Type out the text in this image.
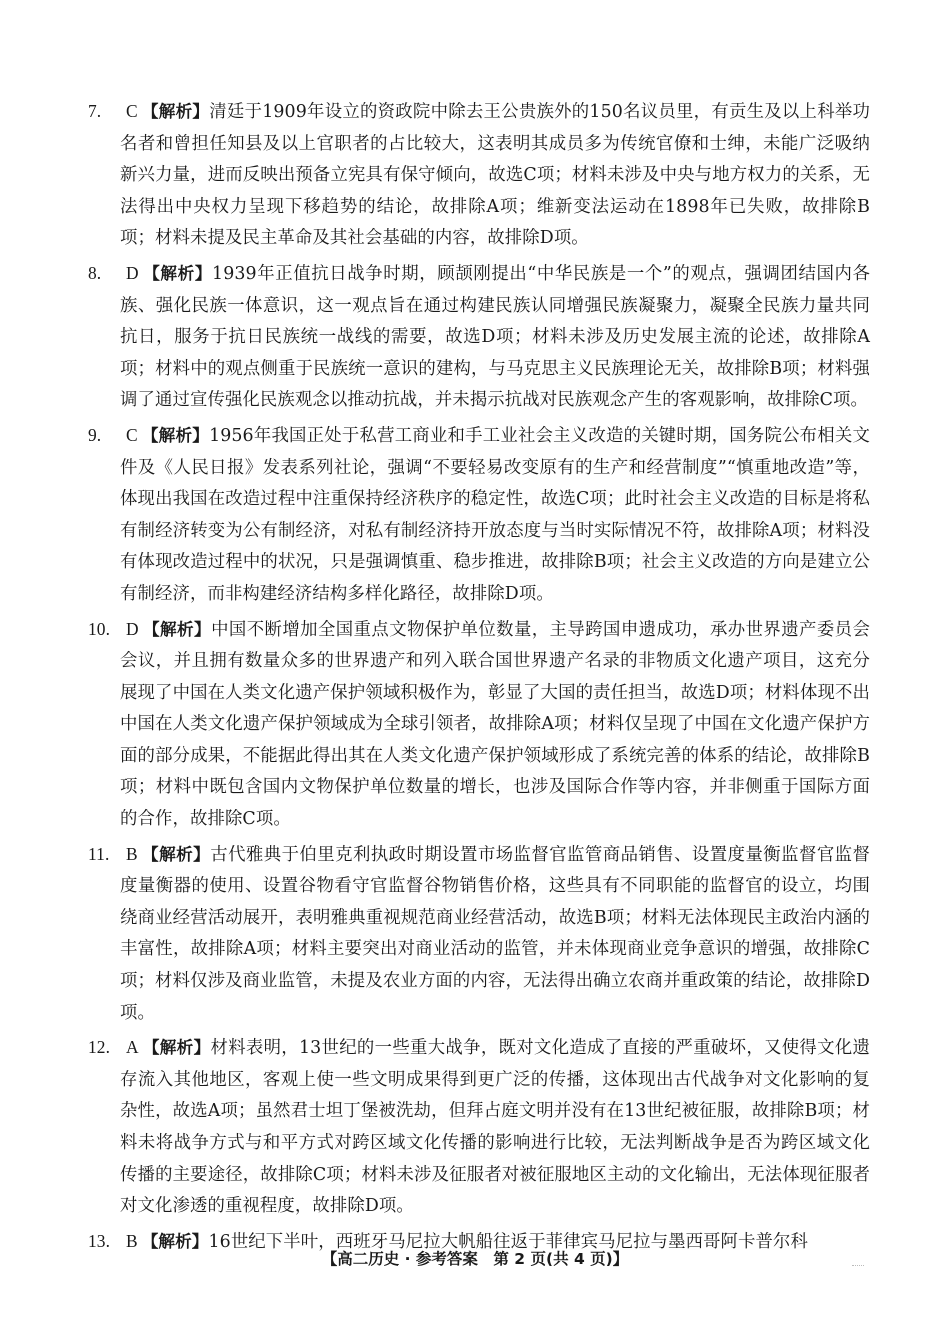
7. C 【解析】清廷于1909年设立的资政院中除去王公贵族外的150名议员里，有贡生及以上科举功名者和曾担任知县及以上官职者的占比较大，这表明其成员多为传统官僚和士绅，未能广泛吸纳新兴力量，进而反映出预备立宪具有保守倾向，故选C项；材料未涉及中央与地方权力的关系，无法得出中央权力呈现下移趋势的结论，故排除A项；维新变法运动在1898年已失败，故排除B项；材料未提及民主革命及其社会基础的内容，故排除D项。
8. D 【解析】1939年正值抗日战争时期，顾颉刚提出“中华民族是一个”的观点，强调团结国内各族、强化民族一体意识，这一观点旨在通过构建民族认同增强民族凝聚力，凝聚全民族力量共同抗日，服务于抗日民族统一战线的需要，故选D项；材料未涉及历史发展主流的论述，故排除A项；材料中的观点侧重于民族统一意识的建构，与马克思主义民族理论无关，故排除B项；材料强调了通过宣传强化民族观念以推动抗战，并未揭示抗战对民族观念产生的客观影响，故排除C项。
9. C 【解析】1956年我国正处于私营工商业和手工业社会主义改造的关键时期，国务院公布相关文件及《人民日报》发表系列社论，强调“不要轻易改变原有的生产和经营制度”“慎重地改造”等，体现出我国在改造过程中注重保持经济秩序的稳定性，故选C项；此时社会主义改造的目标是将私有制经济转变为公有制经济，对私有制经济持开放态度与当时实际情况不符，故排除A项；材料没有体现改造过程中的状况，只是强调慎重、稳步推进，故排除B项；社会主义改造的方向是建立公有制经济，而非构建经济结构多样化路径，故排除D项。
10. D 【解析】中国不断增加全国重点文物保护单位数量，主导跨国申遗成功，承办世界遗产委员会会议，并且拥有数量众多的世界遗产和列入联合国世界遗产名录的非物质文化遗产项目，这充分展现了中国在人类文化遗产保护领域积极作为，彰显了大国的责任担当，故选D项；材料体现不出中国在人类文化遗产保护领域成为全球引领者，故排除A项；材料仅呈现了中国在文化遗产保护方面的部分成果，不能据此得出其在人类文化遗产保护领域形成了系统完善的体系的结论，故排除B项；材料中既包含国内文物保护单位数量的增长，也涉及国际合作等内容，并非侧重于国际方面的合作，故排除C项。
11. B 【解析】古代雅典于伯里克利执政时期设置市场监督官监管商品销售、设置度量衡监督官监督度量衡器的使用、设置谷物看守官监督谷物销售价格，这些具有不同职能的监督官的设立，均围绕商业经营活动展开，表明雅典重视规范商业经营活动，故选B项；材料无法体现民主政治内涵的丰富性，故排除A项；材料主要突出对商业活动的监管，并未体现商业竞争意识的增强，故排除C项；材料仅涉及商业监管，未提及农业方面的内容，无法得出确立农商并重政策的结论，故排除D项。
12. A 【解析】材料表明，13世纪的一些重大战争，既对文化造成了直接的严重破坏，又使得文化遗存流入其他地区，客观上使一些文明成果得到更广泛的传播，这体现出古代战争对文化影响的复杂性，故选A项；虽然君士坦丁堡被洗劫，但拜占庭文明并没有在13世纪被征服，故排除B项；材料未将战争方式与和平方式对跨区域文化传播的影响进行比较，无法判断战争是否为跨区域文化传播的主要途径，故排除C项；材料未涉及征服者对被征服地区主动的文化输出，无法体现征服者对文化渗透的重视程度，故排除D项。
13. B 【解析】16世纪下半叶，西班牙马尼拉大帆船往返于菲律宾马尼拉与墨西哥阿卡普尔科
【高二历史 · 参考答案　第 2 页(共 4 页)】
